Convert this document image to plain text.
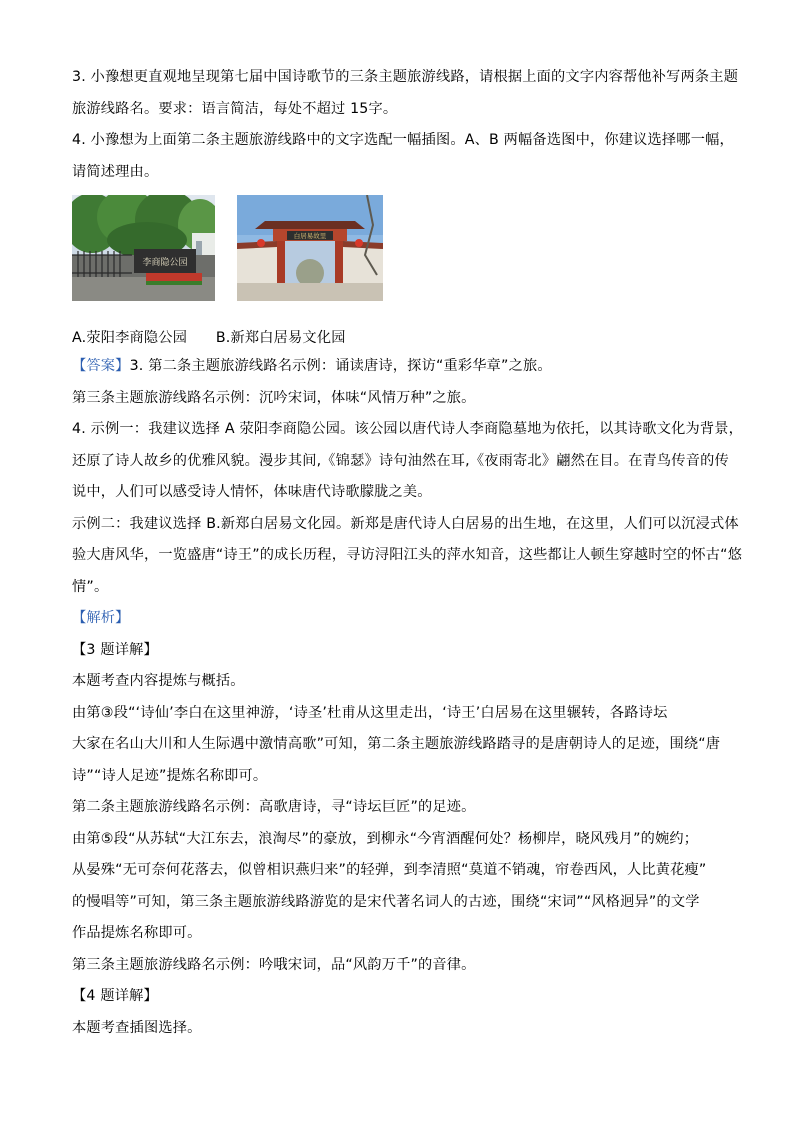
3. 小豫想更直观地呈现第七届中国诗歌节的三条主题旅游线路，请根据上面的文字内容帮他补写两条主题
旅游线路名。要求：语言简洁，每处不超过 15字。
4. 小豫想为上面第二条主题旅游线路中的文字选配一幅插图。A、B 两幅备选图中，你建议选择哪一幅，
请简述理由。
李商隐公园
白居易故里
A.荥阳李商隐公园　　B.新郑白居易文化园
【答案】3. 第二条主题旅游线路名示例：诵读唐诗，探访“重彩华章”之旅。
第三条主题旅游线路名示例：沉吟宋词，体味“风情万种”之旅。
4. 示例一：我建议选择 A 荥阳李商隐公园。该公园以唐代诗人李商隐墓地为依托，以其诗歌文化为背景，
还原了诗人故乡的优雅风貌。漫步其间,《锦瑟》诗句油然在耳,《夜雨寄北》翩然在目。在青鸟传音的传
说中，人们可以感受诗人情怀，体味唐代诗歌朦胧之美。
示例二：我建议选择 B.新郑白居易文化园。新郑是唐代诗人白居易的出生地，在这里，人们可以沉浸式体
验大唐风华，一览盛唐“诗王”的成长历程，寻访浔阳江头的萍水知音，这些都让人顿生穿越时空的怀古“悠
情”。
【解析】
【3 题详解】
本题考查内容提炼与概括。
由第③段“‘诗仙’李白在这里神游，‘诗圣’杜甫从这里走出，‘诗王’白居易在这里辗转，各路诗坛
大家在名山大川和人生际遇中激情高歌”可知，第二条主题旅游线路踏寻的是唐朝诗人的足迹，围绕“唐
诗”“诗人足迹”提炼名称即可。
第二条主题旅游线路名示例：高歌唐诗，寻“诗坛巨匠”的足迹。
由第⑤段“从苏轼“大江东去，浪淘尽”的豪放，到柳永“今宵酒醒何处？杨柳岸，晓风残月”的婉约；
从晏殊“无可奈何花落去，似曾相识燕归来”的轻弹，到李清照“莫道不销魂，帘卷西风，人比黄花瘦”
的慢唱等”可知，第三条主题旅游线路游览的是宋代著名词人的古迹，围绕“宋词”“风格迥异”的文学
作品提炼名称即可。
第三条主题旅游线路名示例：吟哦宋词，品“风韵万千”的音律。
【4 题详解】
本题考查插图选择。
